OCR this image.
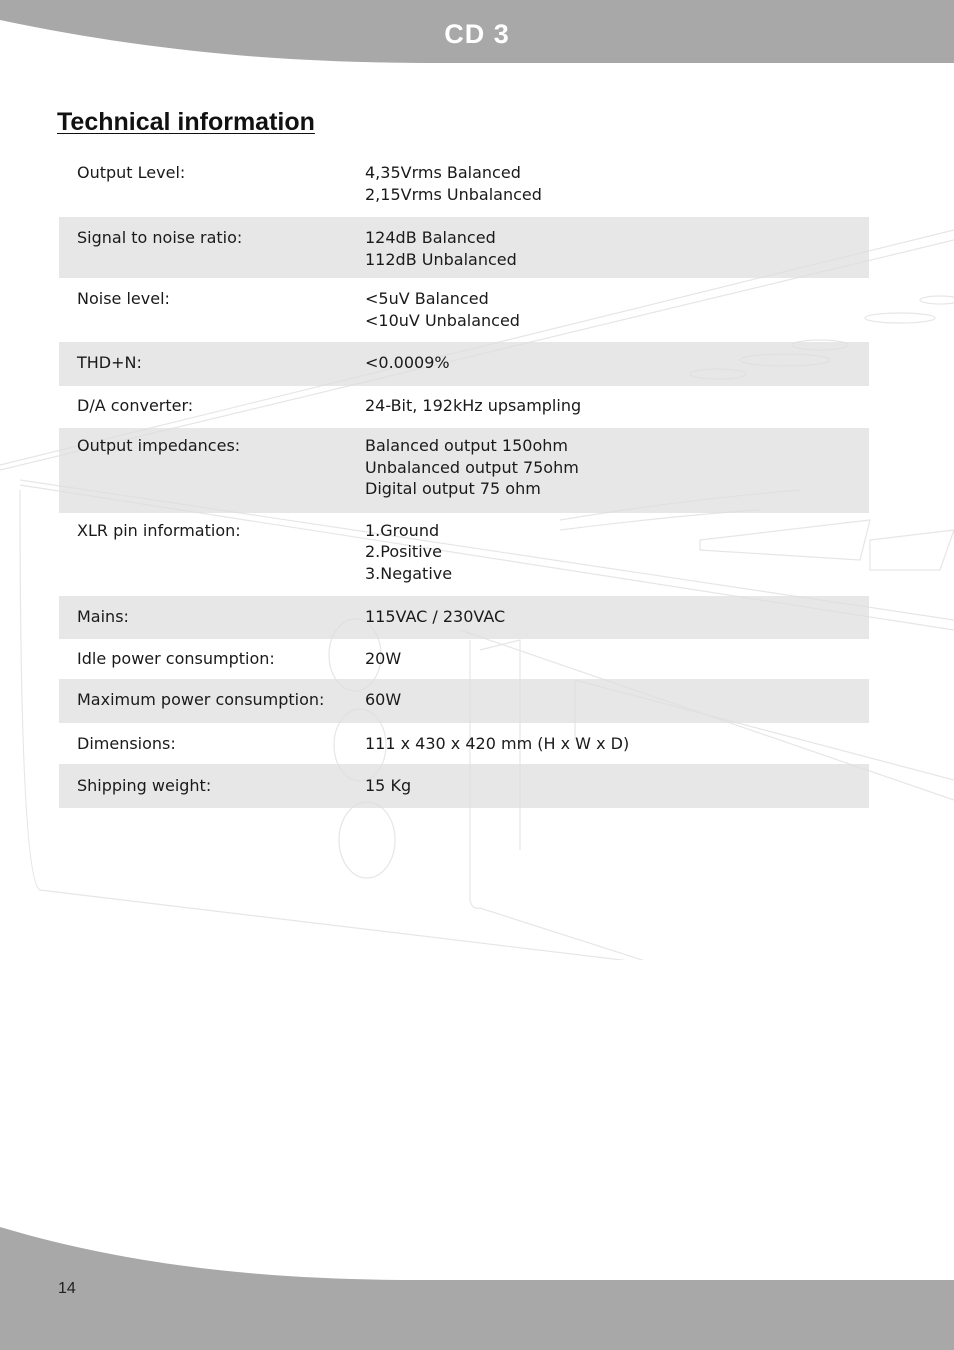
CD 3
Technical information
Output Level:	4,35Vrms Balanced
2,15Vrms Unbalanced
Signal to noise ratio:	124dB Balanced
112dB Unbalanced
Noise level:	<5uV Balanced
<10uV Unbalanced
THD+N:	<0.0009%
D/A converter:	24-Bit, 192kHz upsampling
Output impedances:	Balanced output 150ohm
Unbalanced output 75ohm
Digital output 75 ohm
XLR pin information:	1.Ground
2.Positive
3.Negative
Mains:	115VAC / 230VAC
Idle power consumption:	20W
Maximum power consumption:	60W
Dimensions:	111 x 430 x 420 mm (H x W x D)
Shipping weight:	15 Kg
14
